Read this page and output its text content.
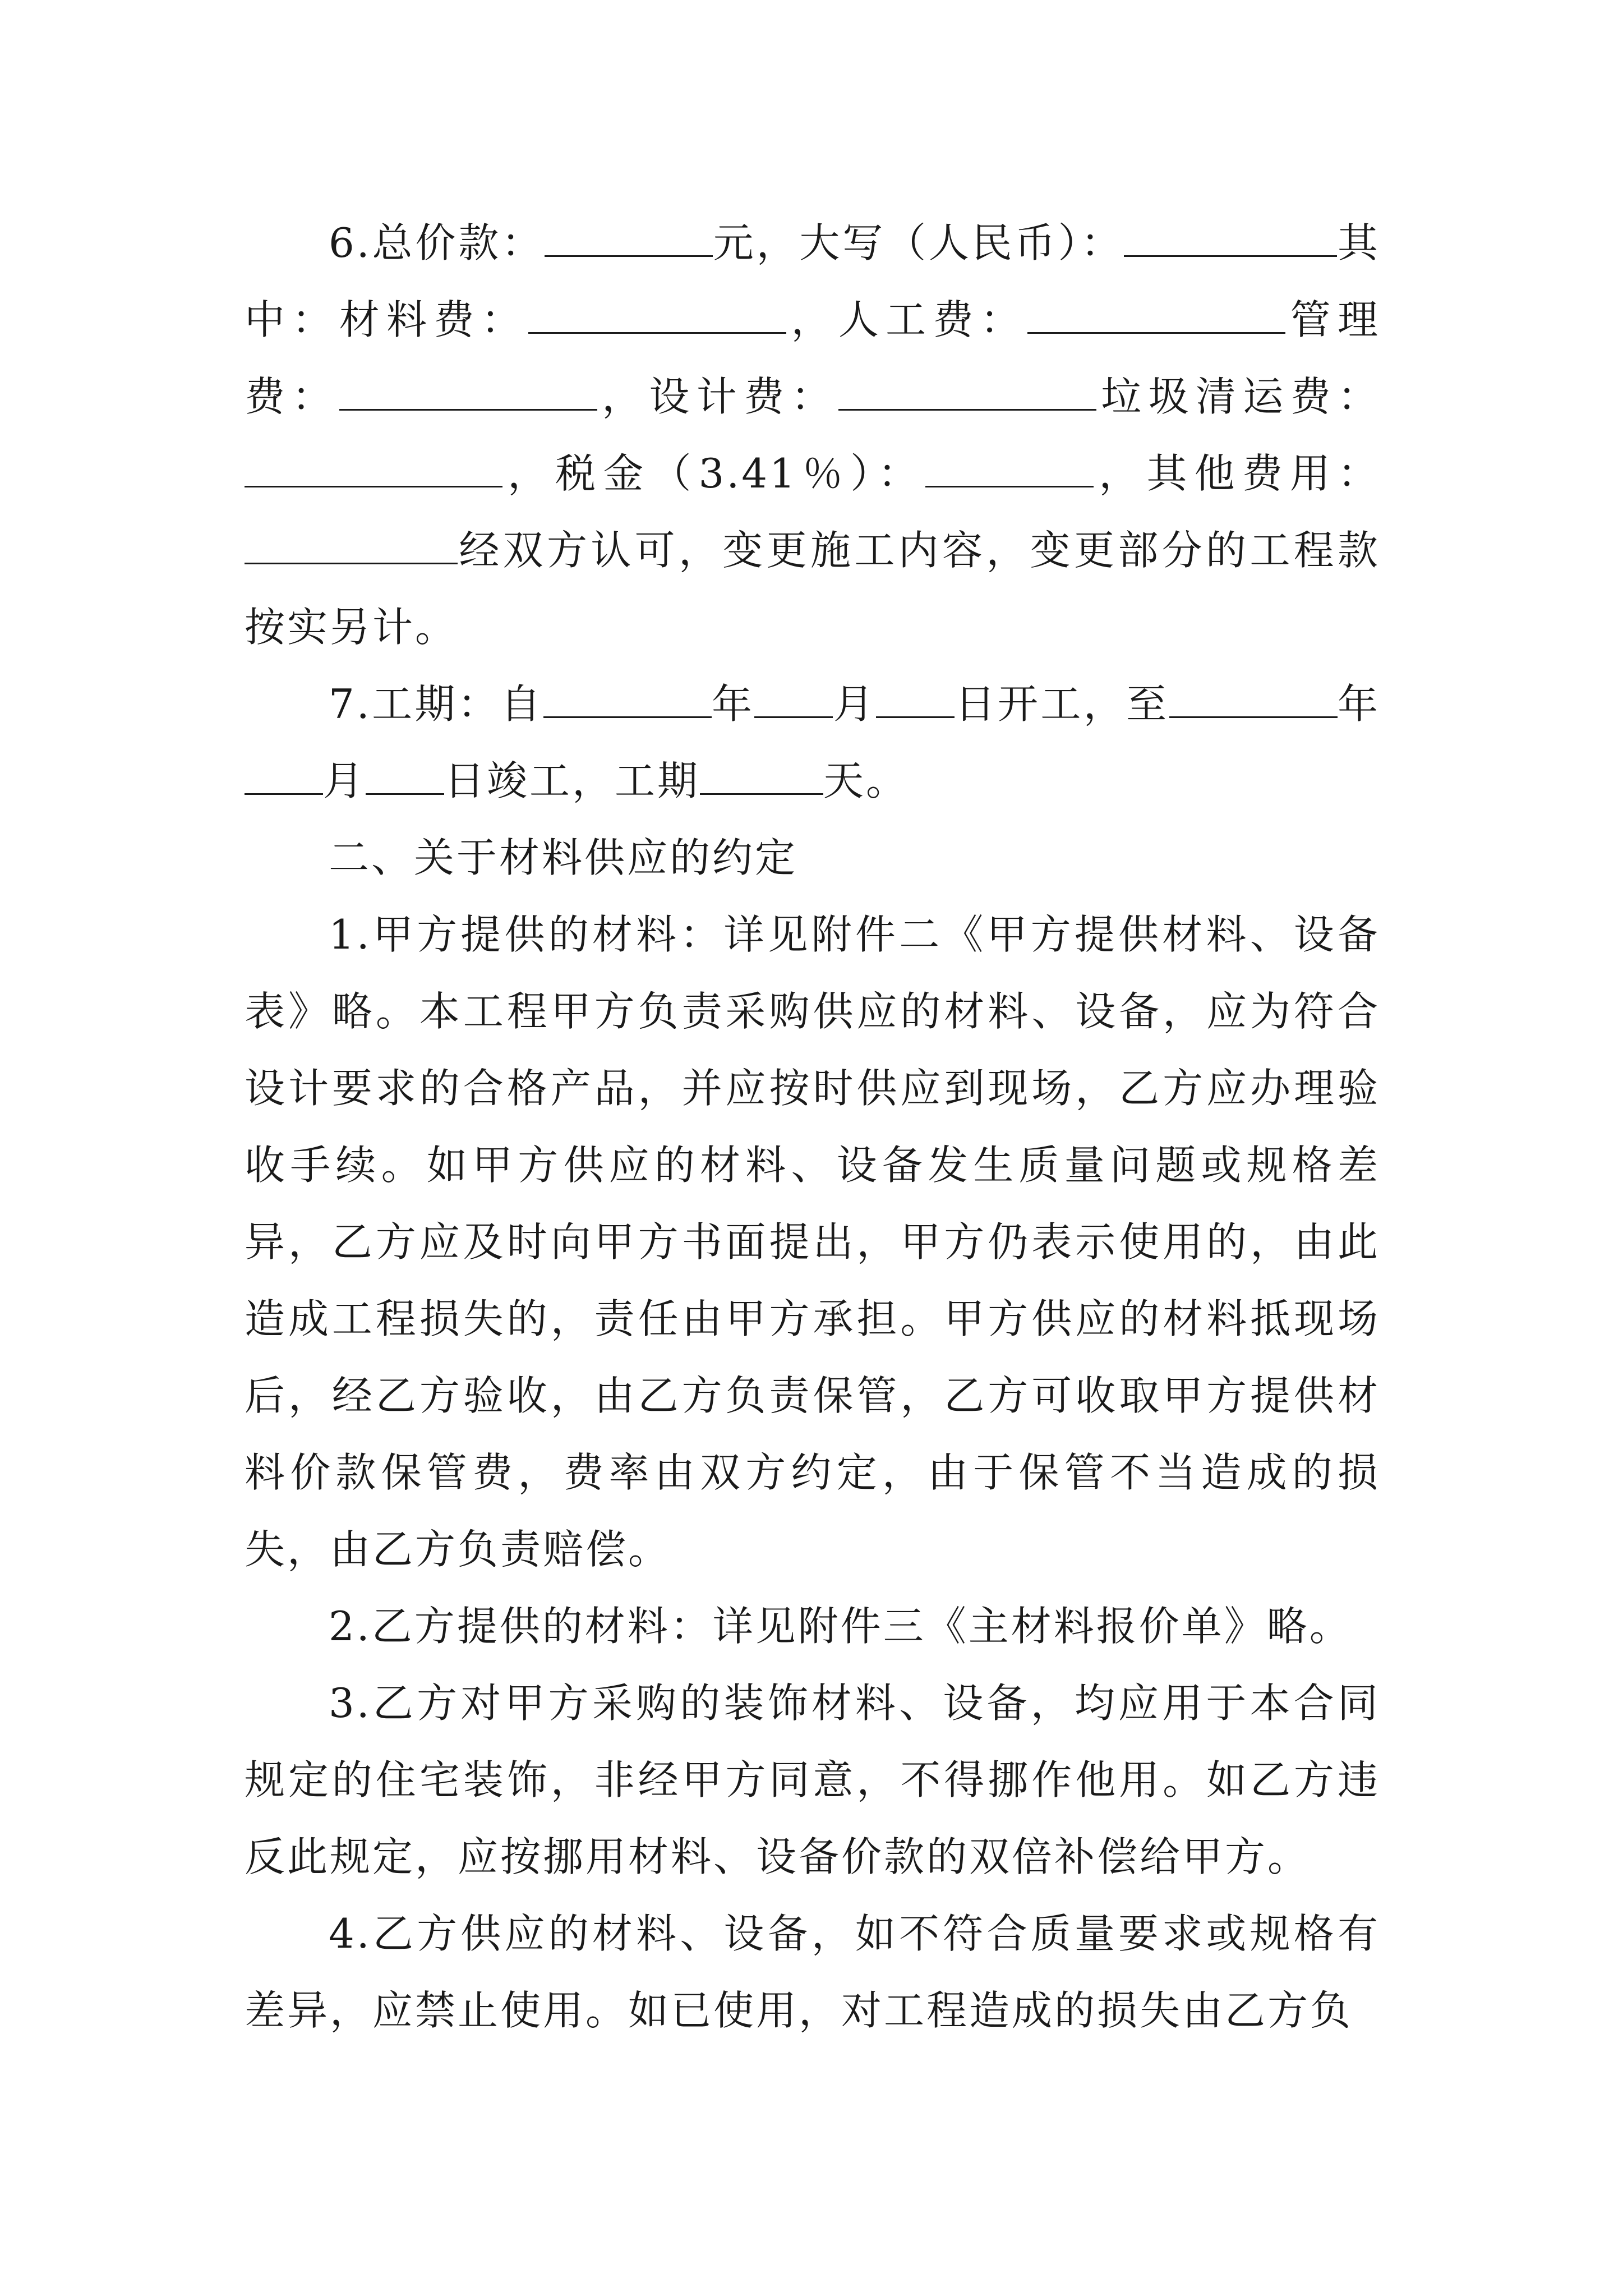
6.总价款：	元，大写（人民币）：	其中：材料费：	，人工费：	管理费：	，设计费：	垃圾清运费：，税金（3.41％）：	，其他费用：经双方认可，变更施工内容，变更部分的工程款按实另计。

7.工期：自	年 月 日开工，至	年月 日竣工，工期	天。

二、关于材料供应的约定

1.甲方提供的材料：详见附件二《甲方提供材料、设备表》略。本工程甲方负责采购供应的材料、设备，应为符合设计要求的合格产品，并应按时供应到现场，乙方应办理验收手续。如甲方供应的材料、设备发生质量问题或规格差异，乙方应及时向甲方书面提出，甲方仍表示使用的，由此造成工程损失的，责任由甲方承担。甲方供应的材料抵现场后，经乙方验收，由乙方负责保管，乙方可收取甲方提供材料价款保管费，费率由双方约定，由于保管不当造成的损失，由乙方负责赔偿。

2.乙方提供的材料：详见附件三《主材料报价单》略。

3.乙方对甲方采购的装饰材料、设备，均应用于本合同规定的住宅装饰，非经甲方同意，不得挪作他用。如乙方违反此规定，应按挪用材料、设备价款的双倍补偿给甲方。

4.乙方供应的材料、设备，如不符合质量要求或规格有差异，应禁止使用。如已使用，对工程造成的损失由乙方负
